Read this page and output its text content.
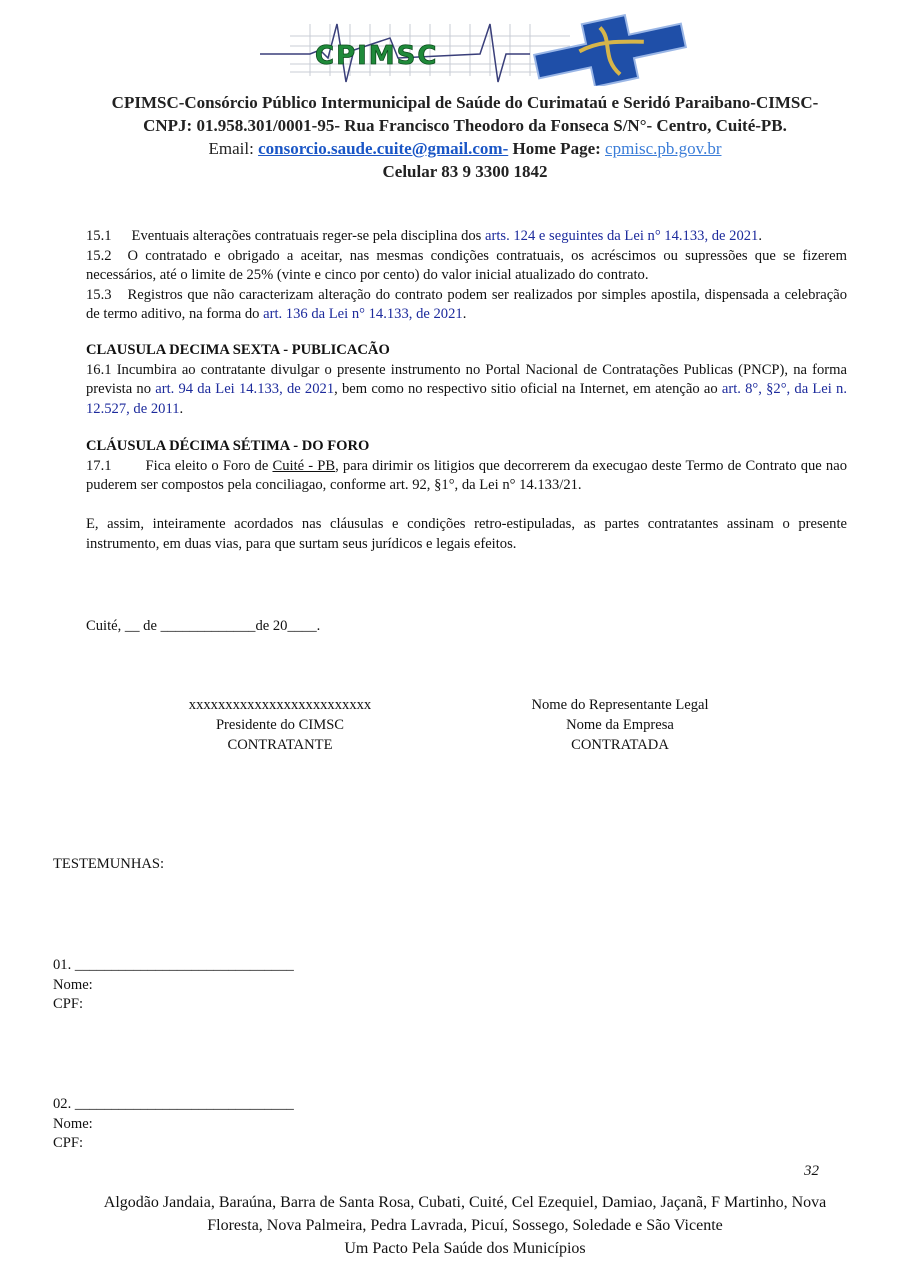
CPIMSC
CPIMSC-Consórcio Público Intermunicipal de Saúde do Curimataú e Seridó Paraibano-CIMSC-
CNPJ: 01.958.301/0001-95- Rua Francisco Theodoro da Fonseca S/N°- Centro, Cuité-PB.
Email: consorcio.saude.cuite@gmail.com- Home Page: cpmisc.pb.gov.br
Celular 83 9 3300 1842

15.1 Eventuais alterações contratuais reger-se pela disciplina dos arts. 124 e seguintes da Lei n° 14.133, de 2021.

15.2 O contratado e obrigado a aceitar, nas mesmas condições contratuais, os acréscimos ou supressões que se fizerem necessários, até o limite de 25% (vinte e cinco por cento) do valor inicial atualizado do contrato.

15.3 Registros que não caracterizam alteração do contrato podem ser realizados por simples apostila, dispensada a celebração de termo aditivo, na forma do art. 136 da Lei n° 14.133, de 2021.

CLAUSULA DECIMA SEXTA - PUBLICACÃO

16.1 Incumbira ao contratante divulgar o presente instrumento no Portal Nacional de Contratações Publicas (PNCP), na forma prevista no art. 94 da Lei 14.133, de 2021, bem como no respectivo sitio oficial na Internet, em atenção ao art. 8°, §2°, da Lei n. 12.527, de 2011.

CLÁUSULA DÉCIMA SÉTIMA - DO FORO

17.1 Fica eleito o Foro de Cuité - PB, para dirimir os litigios que decorrerem da execugao deste Termo de Contrato que nao puderem ser compostos pela conciliagao, conforme art. 92, §1°, da Lei n° 14.133/21.

E, assim, inteiramente acordados nas cláusulas e condições retro-estipuladas, as partes contratantes assinam o presente instrumento, em duas vias, para que surtam seus jurídicos e legais efeitos.
Cuité, __ de _____________de 20____.
xxxxxxxxxxxxxxxxxxxxxxxxx
Presidente do CIMSC
CONTRATANTE
Nome do Representante Legal
Nome da Empresa
CONTRATADA
TESTEMUNHAS:
01. ______________________________
Nome:
CPF:
02. ______________________________
Nome:
CPF:
32
Algodão Jandaia, Baraúna, Barra de Santa Rosa, Cubati, Cuité, Cel Ezequiel, Damiao, Jaçanã, F Martinho, Nova
Floresta, Nova Palmeira, Pedra Lavrada, Picuí, Sossego, Soledade e São Vicente
Um Pacto Pela Saúde dos Municípios
